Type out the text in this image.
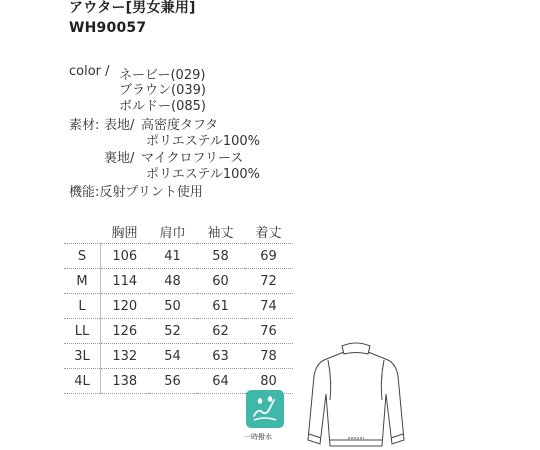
アウター[男女兼用]
WH90057
color / ネービー(029)
ブラウン(039)
ボルドー(085)
素材: 表地/ 高密度タフタ
ポリエステル100%
裏地/ マイクロフリース
ポリエステル100%
機能:反射プリント使用
	胸囲	肩巾	袖丈	着丈
S	106	41	58	69
M	114	48	60	72
L	120	50	61	74
LL	126	52	62	76
3L	132	54	63	78
4L	138	56	64	80
一時撥水
